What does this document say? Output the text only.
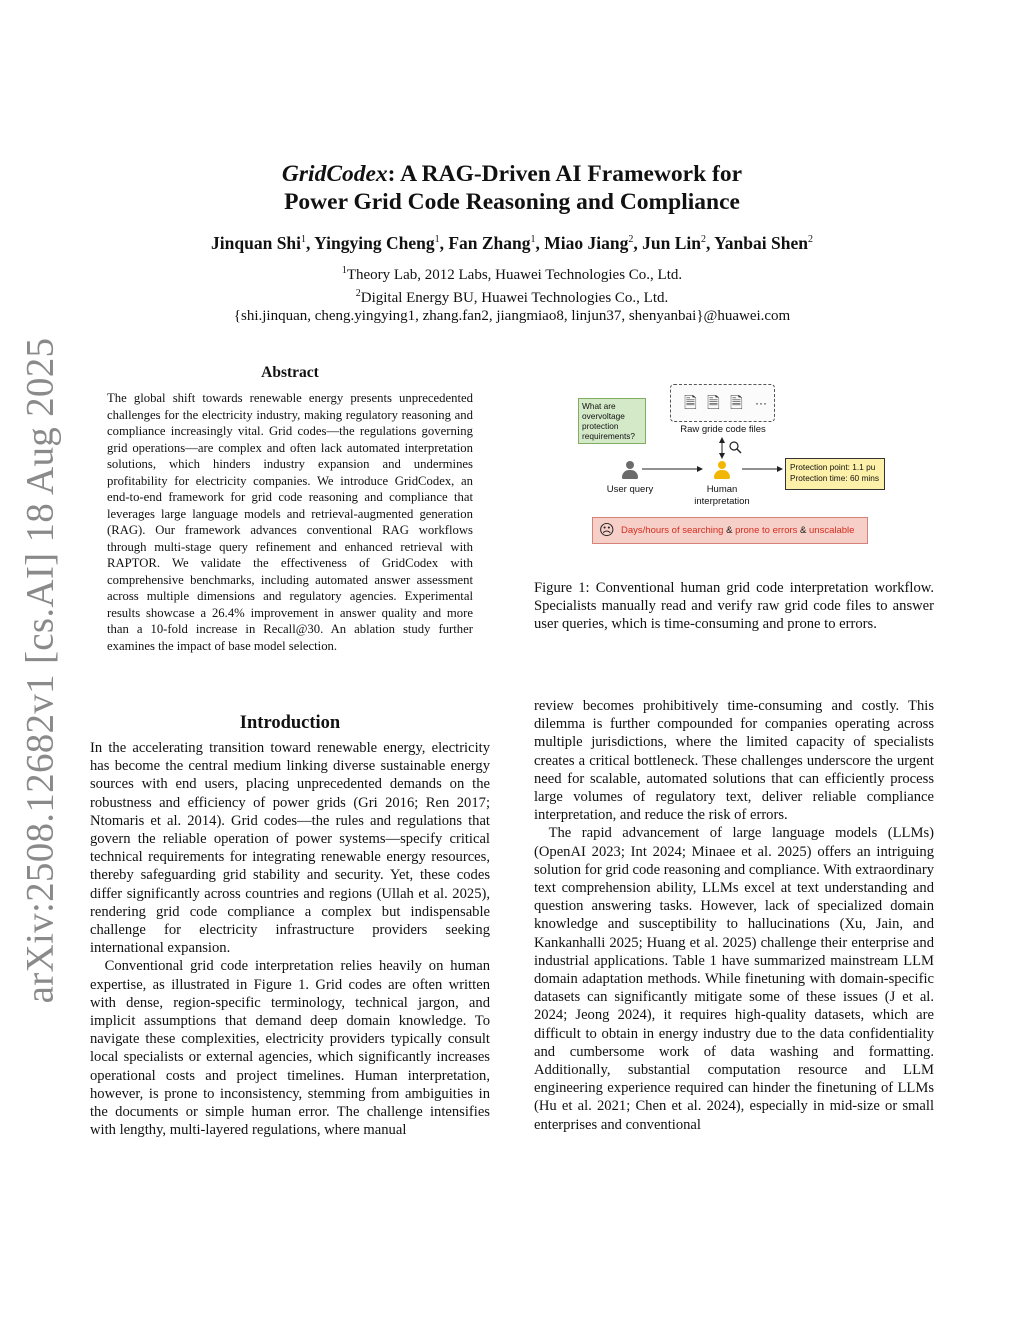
arXiv:2508.12682v1 [cs.AI] 18 Aug 2025
GridCodex: A RAG-Driven AI Framework for
Power Grid Code Reasoning and Compliance
Jinquan Shi$^1$, Yingying Cheng$^1$, Fan Zhang$^1$, Miao Jiang$^2$, Jun Lin$^2$, Yanbai Shen$^2$
$^1$Theory Lab, 2012 Labs, Huawei Technologies Co., Ltd.
$^2$Digital Energy BU, Huawei Technologies Co., Ltd.
{shi.jinquan, cheng.yingying1, zhang.fan2, jiangmiao8, linjun37, shenyanbai}@huawei.com
Abstract
The global shift towards renewable energy presents unprecedented challenges for the electricity industry, making regulatory reasoning and compliance increasingly vital. Grid codes—the regulations governing grid operations—are complex and often lack automated interpretation solutions, which hinders industry expansion and undermines profitability for electricity companies. We introduce GridCodex, an end-to-end framework for grid code reasoning and compliance that leverages large language models and retrieval-augmented generation (RAG). Our framework advances conventional RAG workflows through multi-stage query refinement and enhanced retrieval with RAPTOR. We validate the effectiveness of GridCodex with comprehensive benchmarks, including automated answer assessment across multiple dimensions and regulatory agencies. Experimental results showcase a 26.4% improvement in answer quality and more than a 10-fold increase in Recall@30. An ablation study further examines the impact of base model selection.
Introduction

In the accelerating transition toward renewable energy, electricity has become the central medium linking diverse sustainable energy sources with end users, placing unprecedented demands on the robustness and efficiency of power grids (Gri 2016; Ren 2017; Ntomaris et al. 2014). Grid codes—the rules and regulations that govern the reliable operation of power systems—specify critical technical requirements for integrating renewable energy resources, thereby safeguarding grid stability and security. Yet, these codes differ significantly across countries and regions (Ullah et al. 2025), rendering grid code compliance a complex but indispensable challenge for electricity infrastructure providers seeking international expansion.

Conventional grid code interpretation relies heavily on human expertise, as illustrated in Figure 1. Grid codes are often written with dense, region-specific terminology, technical jargon, and implicit assumptions that demand deep domain knowledge. To navigate these complexities, electricity providers typically consult local specialists or external agencies, which significantly increases operational costs and project timelines. Human interpretation, however, is prone to inconsistency, stemming from ambiguities in the documents or simple human error. The challenge intensifies with lengthy, multi-layered regulations, where manual

What are overvoltage protection requirements?
🗎 🗎 🗎 ···
Raw gride code files
User query	Human
interpretation
Protection point: 1.1 pu
Protection time: 60 mins
☹ Days/hours of searching & prone to errors & unscalable
Figure 1: Conventional human grid code interpretation workflow. Specialists manually read and verify raw grid code files to answer user queries, which is time-consuming and prone to errors.

review becomes prohibitively time-consuming and costly. This dilemma is further compounded for companies operating across multiple jurisdictions, where the limited capacity of specialists creates a critical bottleneck. These challenges underscore the urgent need for scalable, automated solutions that can efficiently process large volumes of regulatory text, deliver reliable compliance interpretation, and reduce the risk of errors.

The rapid advancement of large language models (LLMs) (OpenAI 2023; Int 2024; Minaee et al. 2025) offers an intriguing solution for grid code reasoning and compliance. With extraordinary text comprehension ability, LLMs excel at text understanding and question answering tasks. However, lack of specialized domain knowledge and susceptibility to hallucinations (Xu, Jain, and Kankanhalli 2025; Huang et al. 2025) challenge their enterprise and industrial applications. Table 1 have summarized mainstream LLM domain adaptation methods. While finetuning with domain-specific datasets can significantly mitigate some of these issues (J et al. 2024; Jeong 2024), it requires high-quality datasets, which are difficult to obtain in energy industry due to the data confidentiality and cumbersome work of data washing and formatting. Additionally, substantial computation resource and LLM engineering experience required can hinder the finetuning of LLMs (Hu et al. 2021; Chen et al. 2024), especially in mid-size or small enterprises and conventional
